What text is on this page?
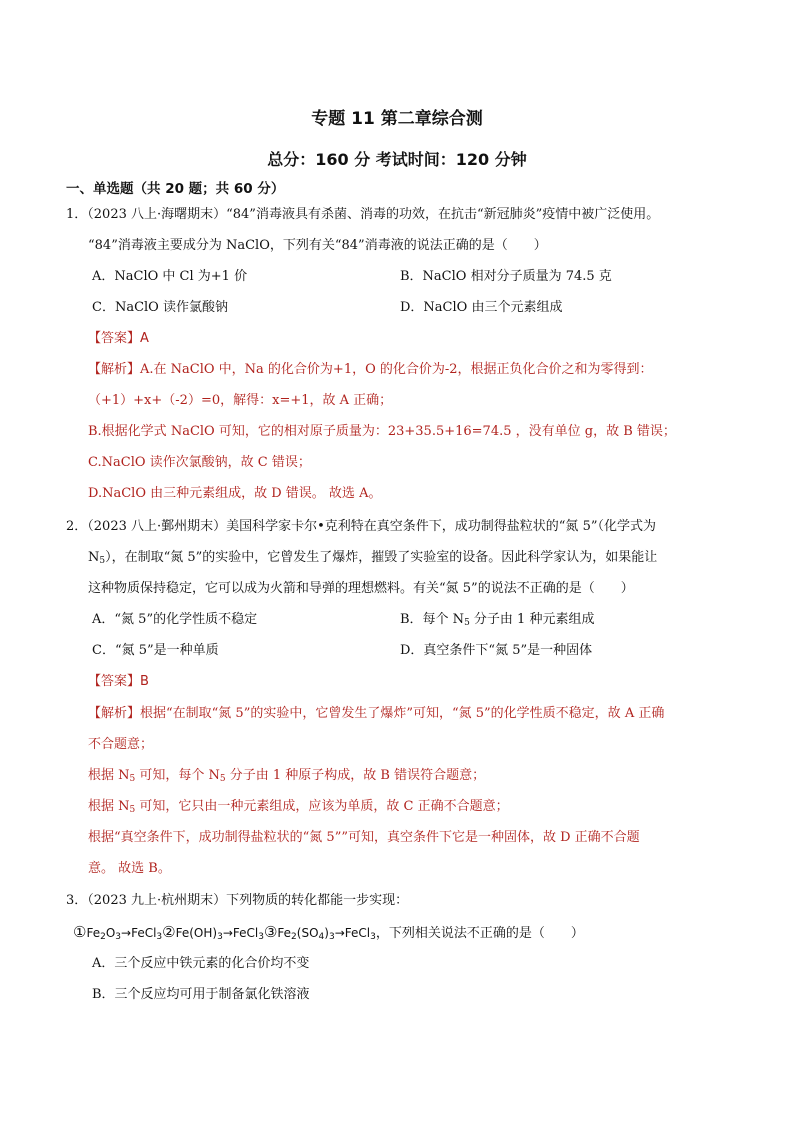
专题 11 第二章综合测
总分：160 分 考试时间：120 分钟
一、单选题（共 20 题；共 60 分）
1．（2023 八上·海曙期末）“84”消毒液具有杀菌、消毒的功效，在抗击“新冠肺炎”疫情中被广泛使用。
“84”消毒液主要成分为 NaClO，下列有关“84”消毒液的说法正确的是（　　）
A．NaClO 中 Cl 为+1 价	B．NaClO 相对分子质量为 74.5 克
C．NaClO 读作氯酸钠	D．NaClO 由三个元素组成
【答案】A
【解析】A.在 NaClO 中，Na 的化合价为+1，O 的化合价为-2，根据正负化合价之和为零得到：
（+1）+x+（-2）=0，解得：x=+1，故 A 正确；
B.根据化学式 NaClO 可知，它的相对原子质量为：23+35.5+16=74.5 ，没有单位 g，故 B 错误；
C.NaClO 读作次氯酸钠，故 C 错误；
D.NaClO 由三种元素组成，故 D 错误。 故选 A。
2．（2023 八上·鄞州期末）美国科学家卡尔•克利特在真空条件下，成功制得盐粒状的“氮 5”（化学式为
$N_5$），在制取“氮 5”的实验中，它曾发生了爆炸，摧毁了实验室的设备。因此科学家认为，如果能让
这种物质保持稳定，它可以成为火箭和导弹的理想燃料。有关“氮 5”的说法不正确的是（　　）
A．“氮 5”的化学性质不稳定	B．每个 $N_5$ 分子由 1 种元素组成
C．“氮 5”是一种单质	D．真空条件下“氮 5”是一种固体
【答案】B
【解析】根据“在制取“氮 5”的实验中，它曾发生了爆炸”可知，“氮 5”的化学性质不稳定，故 A 正确
不合题意；
根据 $N_5$ 可知，每个 $N_5$ 分子由 1 种原子构成，故 B 错误符合题意；
根据 $N_5$ 可知，它只由一种元素组成，应该为单质，故 C 正确不合题意；
根据“真空条件下，成功制得盐粒状的“氮 5””可知，真空条件下它是一种固体，故 D 正确不合题
意。 故选 B。
3．（2023 九上·杭州期末）下列物质的转化都能一步实现：
$①Fe_2O_3\to FeCl_3②Fe(OH)_3\to FeCl_3③Fe_2(SO_4)_3\to FeCl_3$，下列相关说法不正确的是（　　）
A．三个反应中铁元素的化合价均不变
B．三个反应均可用于制备氯化铁溶液
